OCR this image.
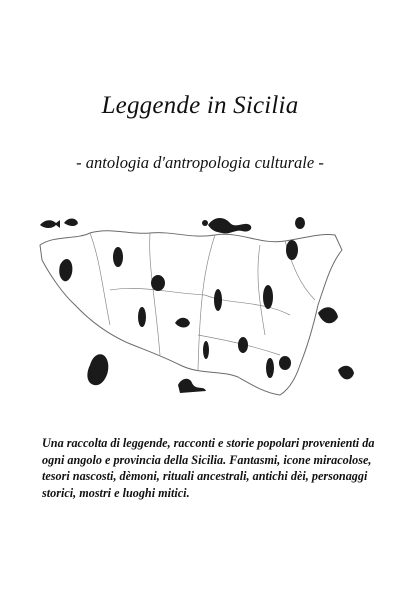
Leggende in Sicilia
- antologia d'antropologia culturale -
Una raccolta di leggende, racconti e storie popolari provenienti da ogni angolo e provincia della Sicilia. Fantasmi, icone miracolose, tesori nascosti, dèmoni, rituali ancestrali, antichi dèi, personaggi storici, mostri e luoghi mitici.
